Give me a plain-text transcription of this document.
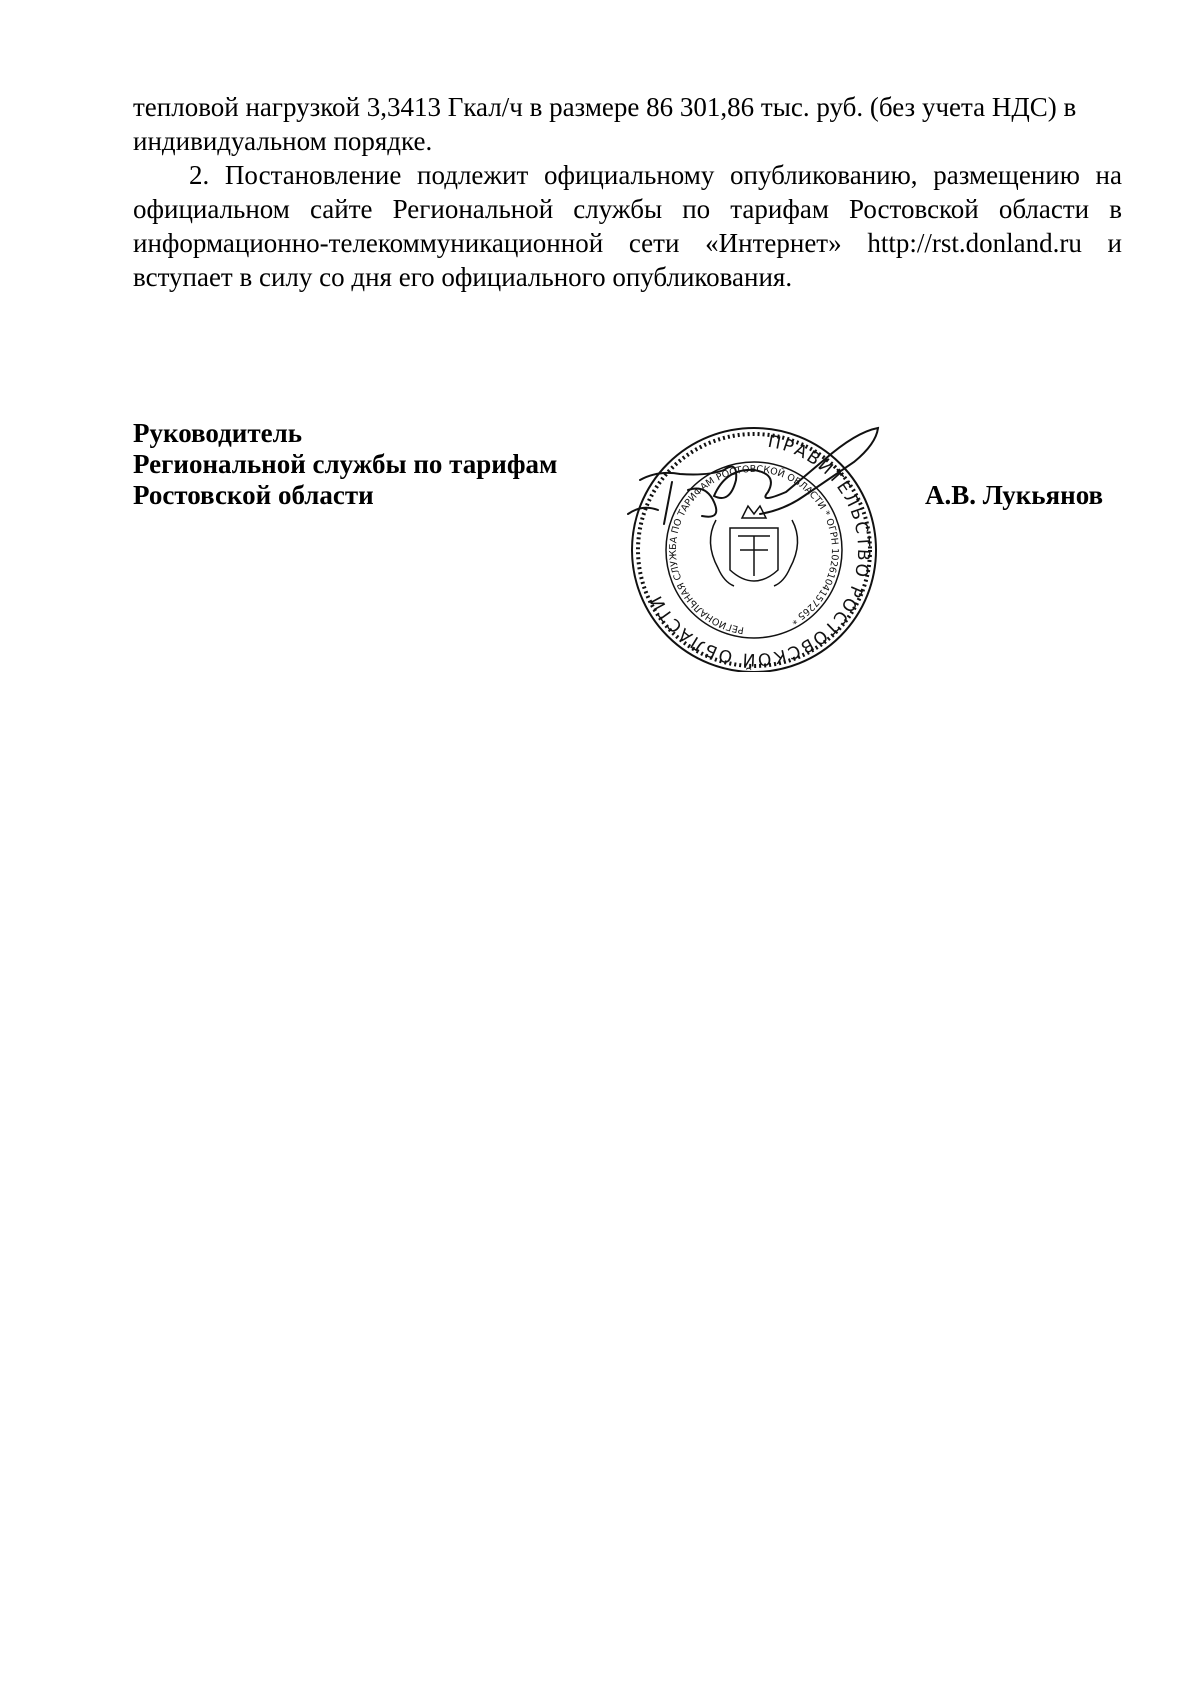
тепловой нагрузкой 3,3413 Гкал/ч в размере 86 301,86 тыс. руб. (без учета НДС) в индивидуальном порядке.

2. Постановление подлежит официальному опубликованию, размещению на официальном сайте Региональной службы по тарифам Ростовской области в информационно-телекоммуникационной сети «Интернет» http://rst.donland.ru и вступает в силу со дня его официального опубликования.

Руководитель
Региональной службы по тарифам
Ростовской области
ПРАВИТЕЛЬСТВО РОСТОВСКОЙ ОБЛАСТИ
РЕГИОНАЛЬНАЯ СЛУЖБА ПО ТАРИФАМ РОСТОВСКОЙ ОБЛАСТИ * ОГРН 1026104157265 *
А.В. Лукьянов
